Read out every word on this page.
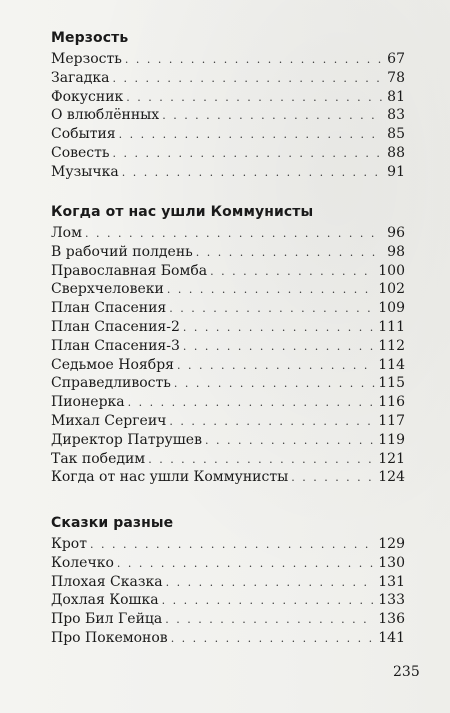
Мерзость
Мерзость . . .	67
Загадка . . .	78
Фокусник . . .	81
О влюблённых . . .	83
События . . .	85
Совесть . . .	88
Музычка . . .	91
Когда от нас ушли Коммунисты
Лом . . .	96
В рабочий полдень . . .	98
Православная Бомба . . .	100
Сверхчеловеки . . .	102
План Спасения . . .	109
План Спасения-2 . . .	111
План Спасения-3 . . .	112
Седьмое Ноября . . .	114
Справедливость . . .	115
Пионерка . . .	116
Михал Сергеич . . .	117
Директор Патрушев . . .	119
Так победим . . .	121
Когда от нас ушли Коммунисты . . .	124
Сказки разные
Крот . . .	129
Колечко . . .	130
Плохая Сказка . . .	131
Дохлая Кошка . . .	133
Про Бил Гейца . . .	136
Про Покемонов . . .	141
235
